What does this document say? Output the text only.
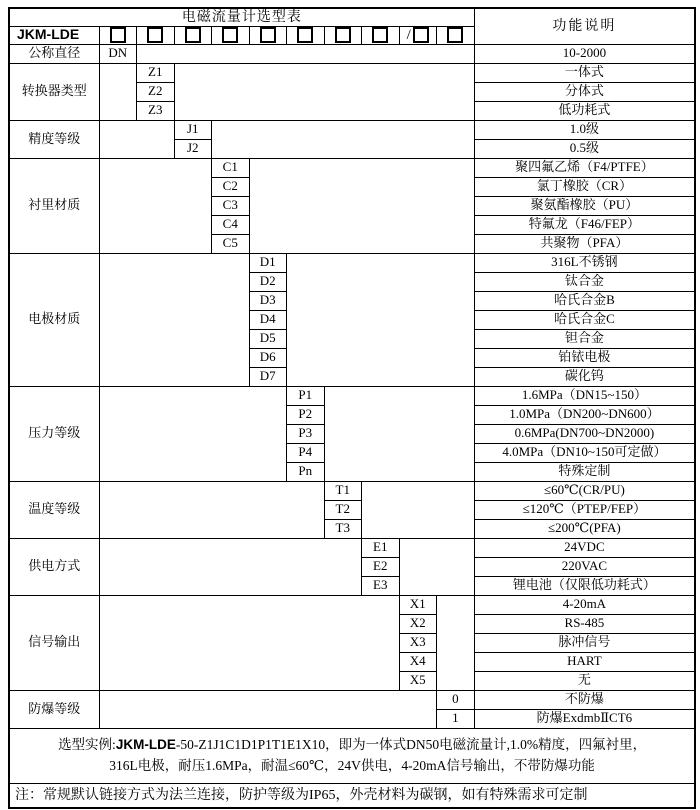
电磁流量计选型表											功能说明
JKM-LDE									/		
公称直径	DN										10-2000
转换器类型		Z1									一体式
		Z2									分体式
		Z3									低功耗式
精度等级			J1								1.0级
			J2								0.5级
衬里材质				C1							聚四氟乙烯（F4/PTFE）
				C2							氯丁橡胶（CR）
				C3							聚氨酯橡胶（PU）
				C4							特氟龙（F46/FEP）
				C5							共聚物（PFA）
电极材质					D1						316L不锈钢
					D2						钛合金
					D3						哈氏合金B
					D4						哈氏合金C
					D5						钽合金
					D6						铂铱电极
					D7						碳化钨
压力等级						P1					1.6MPa（DN15~150）
						P2					1.0MPa（DN200~DN600）
						P3					0.6MPa(DN700~DN2000)
						P4					4.0MPa（DN10~150可定做）
						Pn					特殊定制
温度等级							T1				≤60℃(CR/PU)
							T2				≤120℃（PTEP/FEP）
							T3				≤200℃(PFA)
供电方式								E1			24VDC
								E2			220VAC
								E3			锂电池（仅限低功耗式）
信号输出									X1		4-20mA
									X2		RS-485
									X3		脉冲信号
									X4		HART
									X5		无
防爆等级										0	不防爆
										1	防爆ExdmbⅡCT6

选型实例:JKM-LDE-50-Z1J1C1D1P1T1E1X10，即为一体式DN50电磁流量计,1.0%精度，四氟衬里，
316L电极，耐压1.6MPa，耐温≤60℃，24V供电，4-20mA信号输出，不带防爆功能											

注：常规默认链接方式为法兰连接，防护等级为IP65，外壳材料为碳钢，如有特殊需求可定制											
